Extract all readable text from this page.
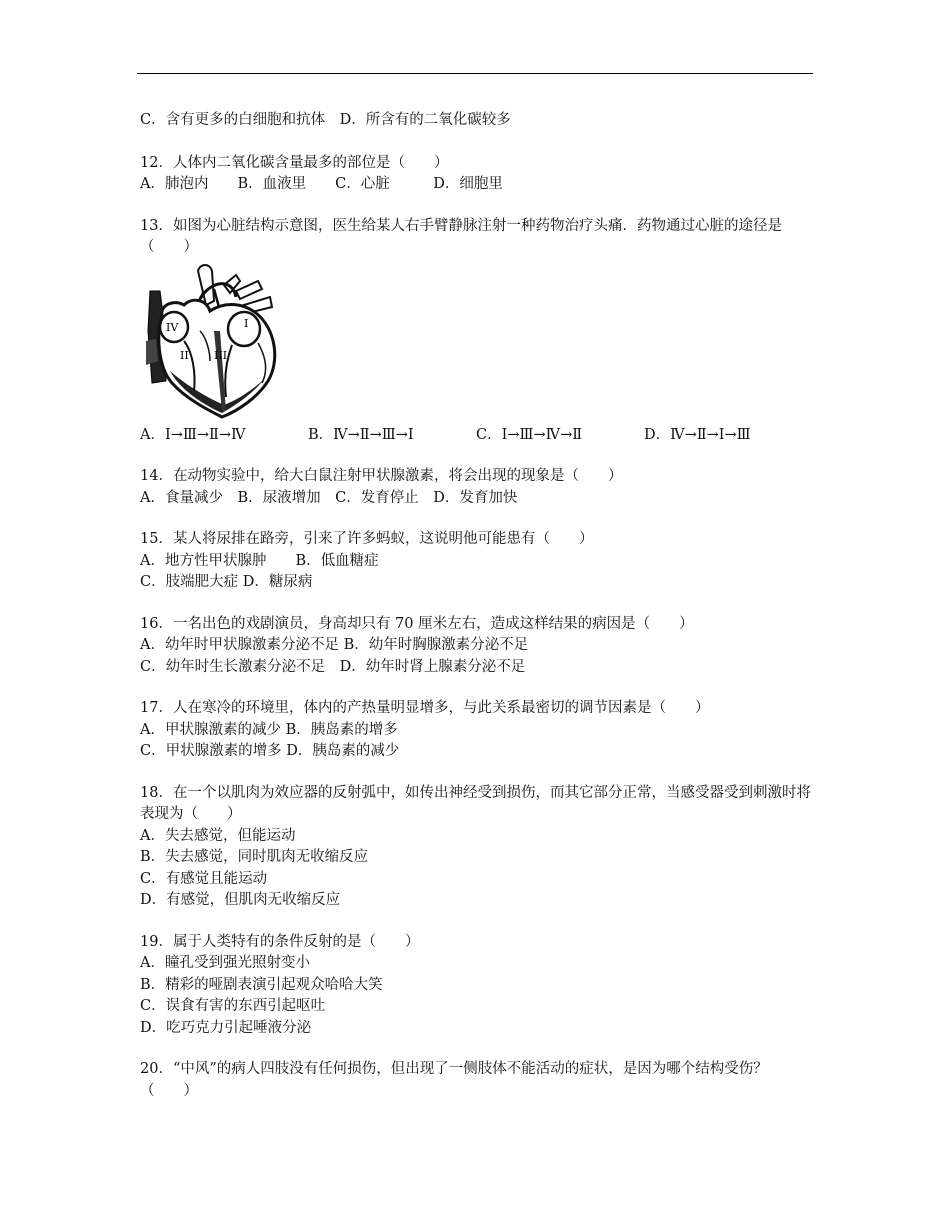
C．含有更多的白细胞和抗体　D．所含有的二氧化碳较多
12．人体内二氧化碳含量最多的部位是（　　）
A．肺泡内　　B．血液里　　C．心脏　　　D．细胞里
13．如图为心脏结构示意图，医生给某人右手臂静脉注射一种药物治疗头痛．药物通过心脏的途径是（　　）
IV	I
II III
A．Ⅰ→Ⅲ→Ⅱ→Ⅳ	B．Ⅳ→Ⅱ→Ⅲ→Ⅰ	C．Ⅰ→Ⅲ→Ⅳ→Ⅱ	D．Ⅳ→Ⅱ→Ⅰ→Ⅲ
14．在动物实验中，给大白鼠注射甲状腺激素，将会出现的现象是（　　）
A．食量减少　B．尿液增加　C．发育停止　D．发育加快
15．某人将尿排在路旁，引来了许多蚂蚁，这说明他可能患有（　　）
A．地方性甲状腺肿　　B．低血糖症
C．肢端肥大症 D．糖尿病
16．一名出色的戏剧演员，身高却只有 70 厘米左右，造成这样结果的病因是（　　）
A．幼年时甲状腺激素分泌不足 B．幼年时胸腺激素分泌不足
C．幼年时生长激素分泌不足　D．幼年时肾上腺素分泌不足
17．人在寒冷的环境里，体内的产热量明显增多，与此关系最密切的调节因素是（　　）
A．甲状腺激素的减少 B．胰岛素的增多
C．甲状腺激素的增多 D．胰岛素的减少
18．在一个以肌肉为效应器的反射弧中，如传出神经受到损伤，而其它部分正常，当感受器受到刺激时将表现为（　　）
A．失去感觉，但能运动
B．失去感觉，同时肌肉无收缩反应
C．有感觉且能运动
D．有感觉，但肌肉无收缩反应
19．属于人类特有的条件反射的是（　　）
A．瞳孔受到强光照射变小
B．精彩的哑剧表演引起观众哈哈大笑
C．误食有害的东西引起呕吐
D．吃巧克力引起唾液分泌
20．“中风”的病人四肢没有任何损伤，但出现了一侧肢体不能活动的症状，是因为哪个结构受伤？（　　）
